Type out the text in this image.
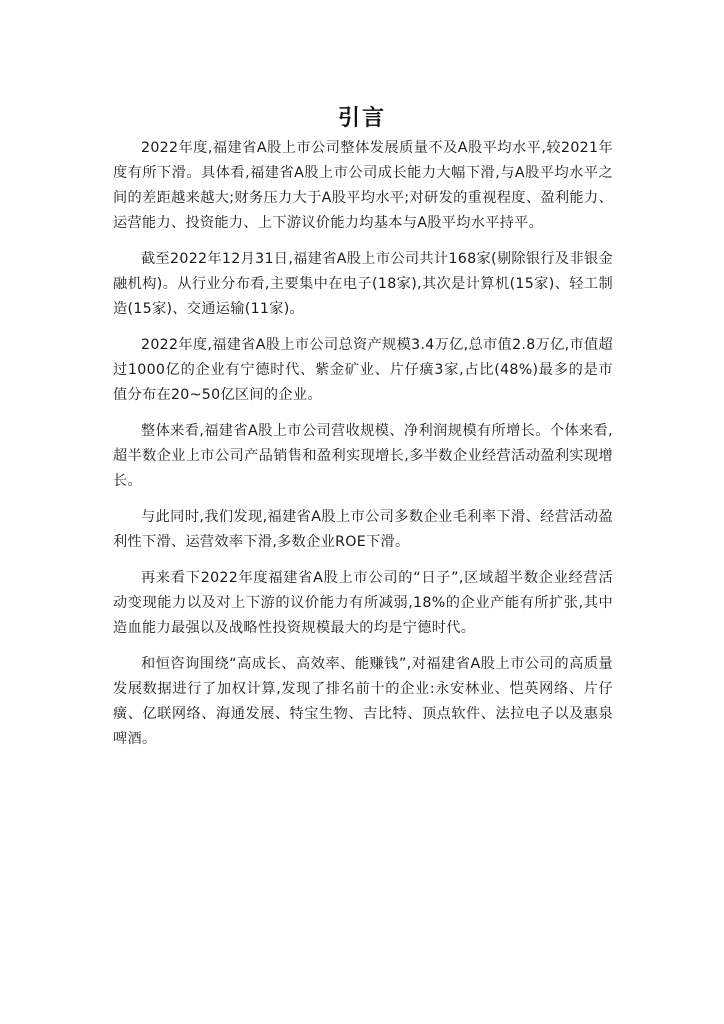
引言

2022年度,福建省A股上市公司整体发展质量不及A股平均水平,较2021年度有所下滑。具体看,福建省A股上市公司成长能力大幅下滑,与A股平均水平之间的差距越来越大;财务压力大于A股平均水平;对研发的重视程度、盈利能力、运营能力、投资能力、上下游议价能力均基本与A股平均水平持平。

截至2022年12月31日,福建省A股上市公司共计168家(剔除银行及非银金融机构)。从行业分布看,主要集中在电子(18家),其次是计算机(15家)、轻工制造(15家)、交通运输(11家)。

2022年度,福建省A股上市公司总资产规模3.4万亿,总市值2.8万亿,市值超过1000亿的企业有宁德时代、紫金矿业、片仔癀3家,占比(48%)最多的是市值分布在20~50亿区间的企业。

整体来看,福建省A股上市公司营收规模、净利润规模有所增长。个体来看,超半数企业上市公司产品销售和盈利实现增长,多半数企业经营活动盈利实现增长。

与此同时,我们发现,福建省A股上市公司多数企业毛利率下滑、经营活动盈利性下滑、运营效率下滑,多数企业ROE下滑。

再来看下2022年度福建省A股上市公司的“日子”,区域超半数企业经营活动变现能力以及对上下游的议价能力有所减弱,18%的企业产能有所扩张,其中造血能力最强以及战略性投资规模最大的均是宁德时代。

和恒咨询围绕“高成长、高效率、能赚钱”,对福建省A股上市公司的高质量发展数据进行了加权计算,发现了排名前十的企业:永安林业、恺英网络、片仔癀、亿联网络、海通发展、特宝生物、吉比特、顶点软件、法拉电子以及惠泉啤酒。
